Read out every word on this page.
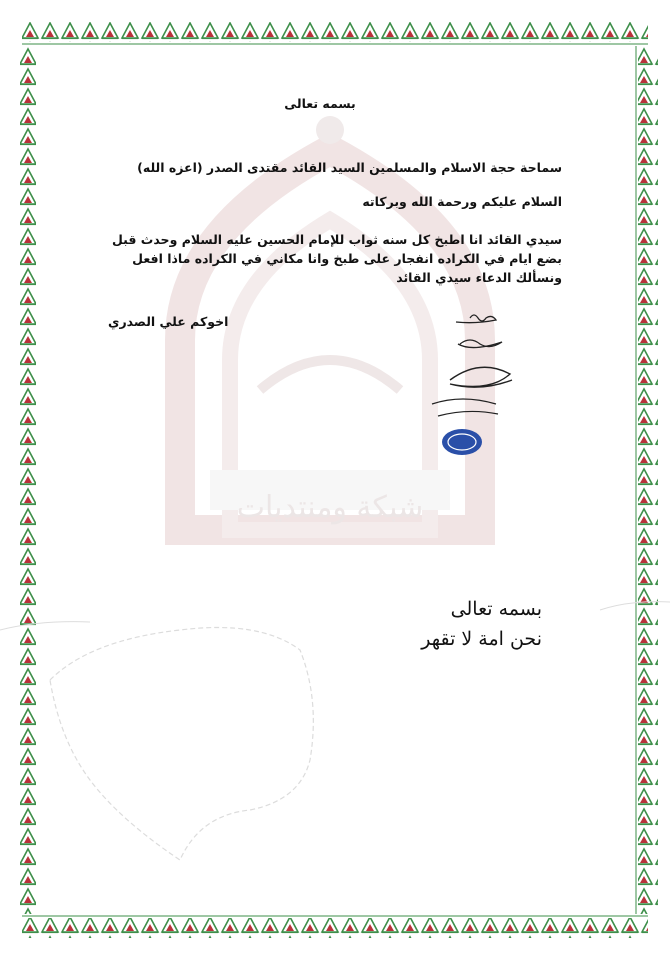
شبكة ومنتديات
بسمه تعالى
سماحة حجة الاسلام والمسلمين السيد القائد مقتدى الصدر (اعزه الله)
السلام عليكم ورحمة الله وبركاته
سيدي القائد انا اطبخ كل سنه ثواب للإمام الحسين عليه السلام وحدث قبل بضع ايام في الكراده انفجار على طبخ وانا مكاني في الكراده ماذا افعل ونسألك الدعاء سيدي القائد
اخوكم علي الصدري
بسمه تعالى
نحن امة لا تقهر
